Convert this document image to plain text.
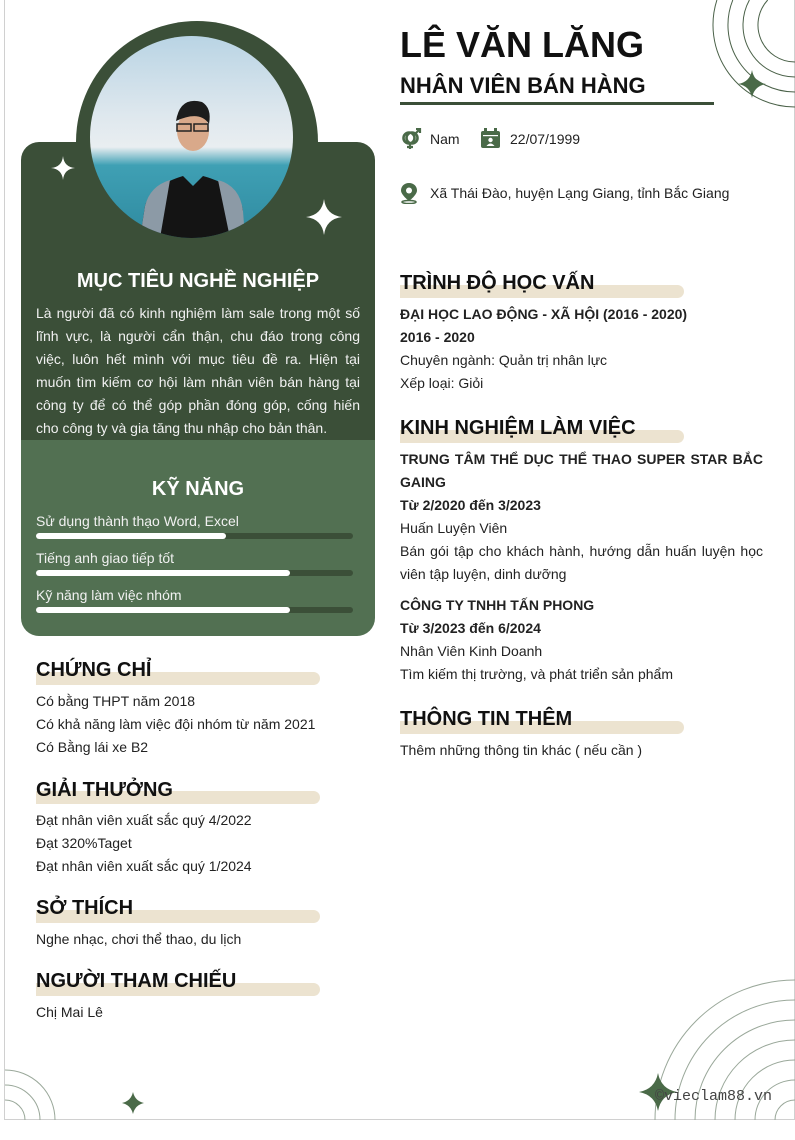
MỤC TIÊU NGHỀ NGHIỆP
Là người đã có kinh nghiệm làm sale trong một số lĩnh vực, là người cẩn thận, chu đáo trong công việc, luôn hết mình với mục tiêu đề ra. Hiện tại muốn tìm kiếm cơ hội làm nhân viên bán hàng tại công ty để có thể góp phần đóng góp, cống hiến cho công ty và gia tăng thu nhập cho bản thân.
KỸ NĂNG
Sử dụng thành thạo Word, Excel
Tiếng anh giao tiếp tốt
Kỹ năng làm việc nhóm
CHỨNG CHỈ
Có bằng THPT năm 2018
Có khả năng làm việc đội nhóm từ năm 2021
Có Bằng lái xe B2
GIẢI THƯỞNG
Đạt nhân viên xuất sắc quý 4/2022
Đạt 320%Taget
Đạt nhân viên xuất sắc quý 1/2024
SỞ THÍCH
Nghe nhạc, chơi thể thao, du lịch
NGƯỜI THAM CHIẾU
Chị Mai Lê
LÊ VĂN LĂNG
NHÂN VIÊN BÁN HÀNG
Nam	22/07/1999
Xã Thái Đào, huyện Lạng Giang, tỉnh Bắc Giang
TRÌNH ĐỘ HỌC VẤN
ĐẠI HỌC LAO ĐỘNG - XÃ HỘI (2016 - 2020)
2016 - 2020
Chuyên ngành: Quản trị nhân lực
Xếp loại: Giỏi
KINH NGHIỆM LÀM VIỆC
TRUNG TÂM THỂ DỤC THỂ THAO SUPER STAR BẮC GAING
Từ 2/2020 đến 3/2023
Huấn Luyện Viên
Bán gói tập cho khách hành, hướng dẫn huấn luyện học viên tập luyện, dinh dưỡng
CÔNG TY TNHH TẤN PHONG
Từ 3/2023 đến 6/2024
Nhân Viên Kinh Doanh
Tìm kiếm thị trường, và phát triển sản phẩm
THÔNG TIN THÊM
Thêm những thông tin khác ( nếu cần )
©vieclam88.vn
